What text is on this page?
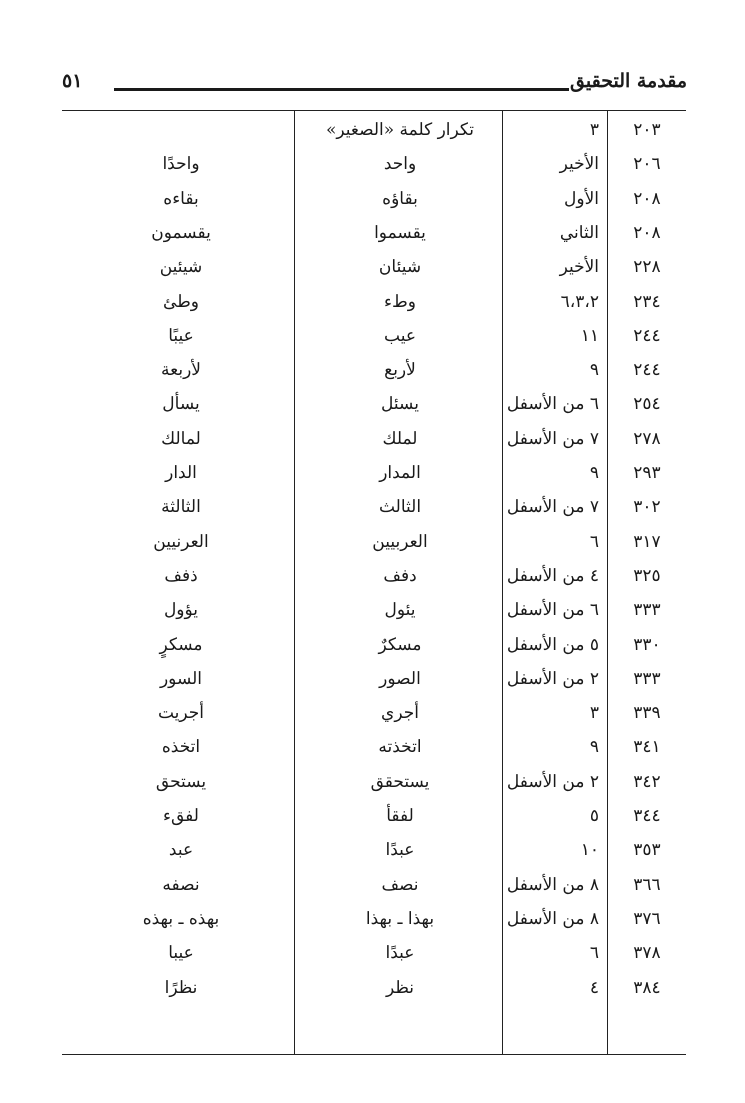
مقدمة التحقيق
٥١
٢٠٣
٣
تكرار كلمة «الصغير»
٢٠٦
الأخير
واحد
واحدًا
٢٠٨
الأول
بقاؤه
بقاءه
٢٠٨
الثاني
يقسموا
يقسمون
٢٢٨
الأخير
شيئان
شيئين
٢٣٤
٦،٣،٢
وطء
وطئ
٢٤٤
١١
عيب
عيبًا
٢٤٤
٩
لأربع
لأربعة
٢٥٤
٦ من الأسفل
يسئل
يسأل
٢٧٨
٧ من الأسفل
لملك
لمالك
٢٩٣
٩
المدار
الدار
٣٠٢
٧ من الأسفل
الثالث
الثالثة
٣١٧
٦
العربيين
العرنيين
٣٢٥
٤ من الأسفل
دفف
ذفف
٣٣٣
٦ من الأسفل
يئول
يؤول
٣٣٠
٥ من الأسفل
مسكرٌ
مسكرٍ
٣٣٣
٢ من الأسفل
الصور
السور
٣٣٩
٣
أجري
أجريت
٣٤١
٩
اتخذته
اتخذه
٣٤٢
٢ من الأسفل
يستحقق
يستحق
٣٤٤
٥
لفقأ
لفقء
٣٥٣
١٠
عبدًا
عبد
٣٦٦
٨ من الأسفل
نصف
نصفه
٣٧٦
٨ من الأسفل
بهذا ـ بهذا
بهذه ـ بهذه
٣٧٨
٦
عبدًا
عيبا
٣٨٤
٤
نظر
نظرًا
